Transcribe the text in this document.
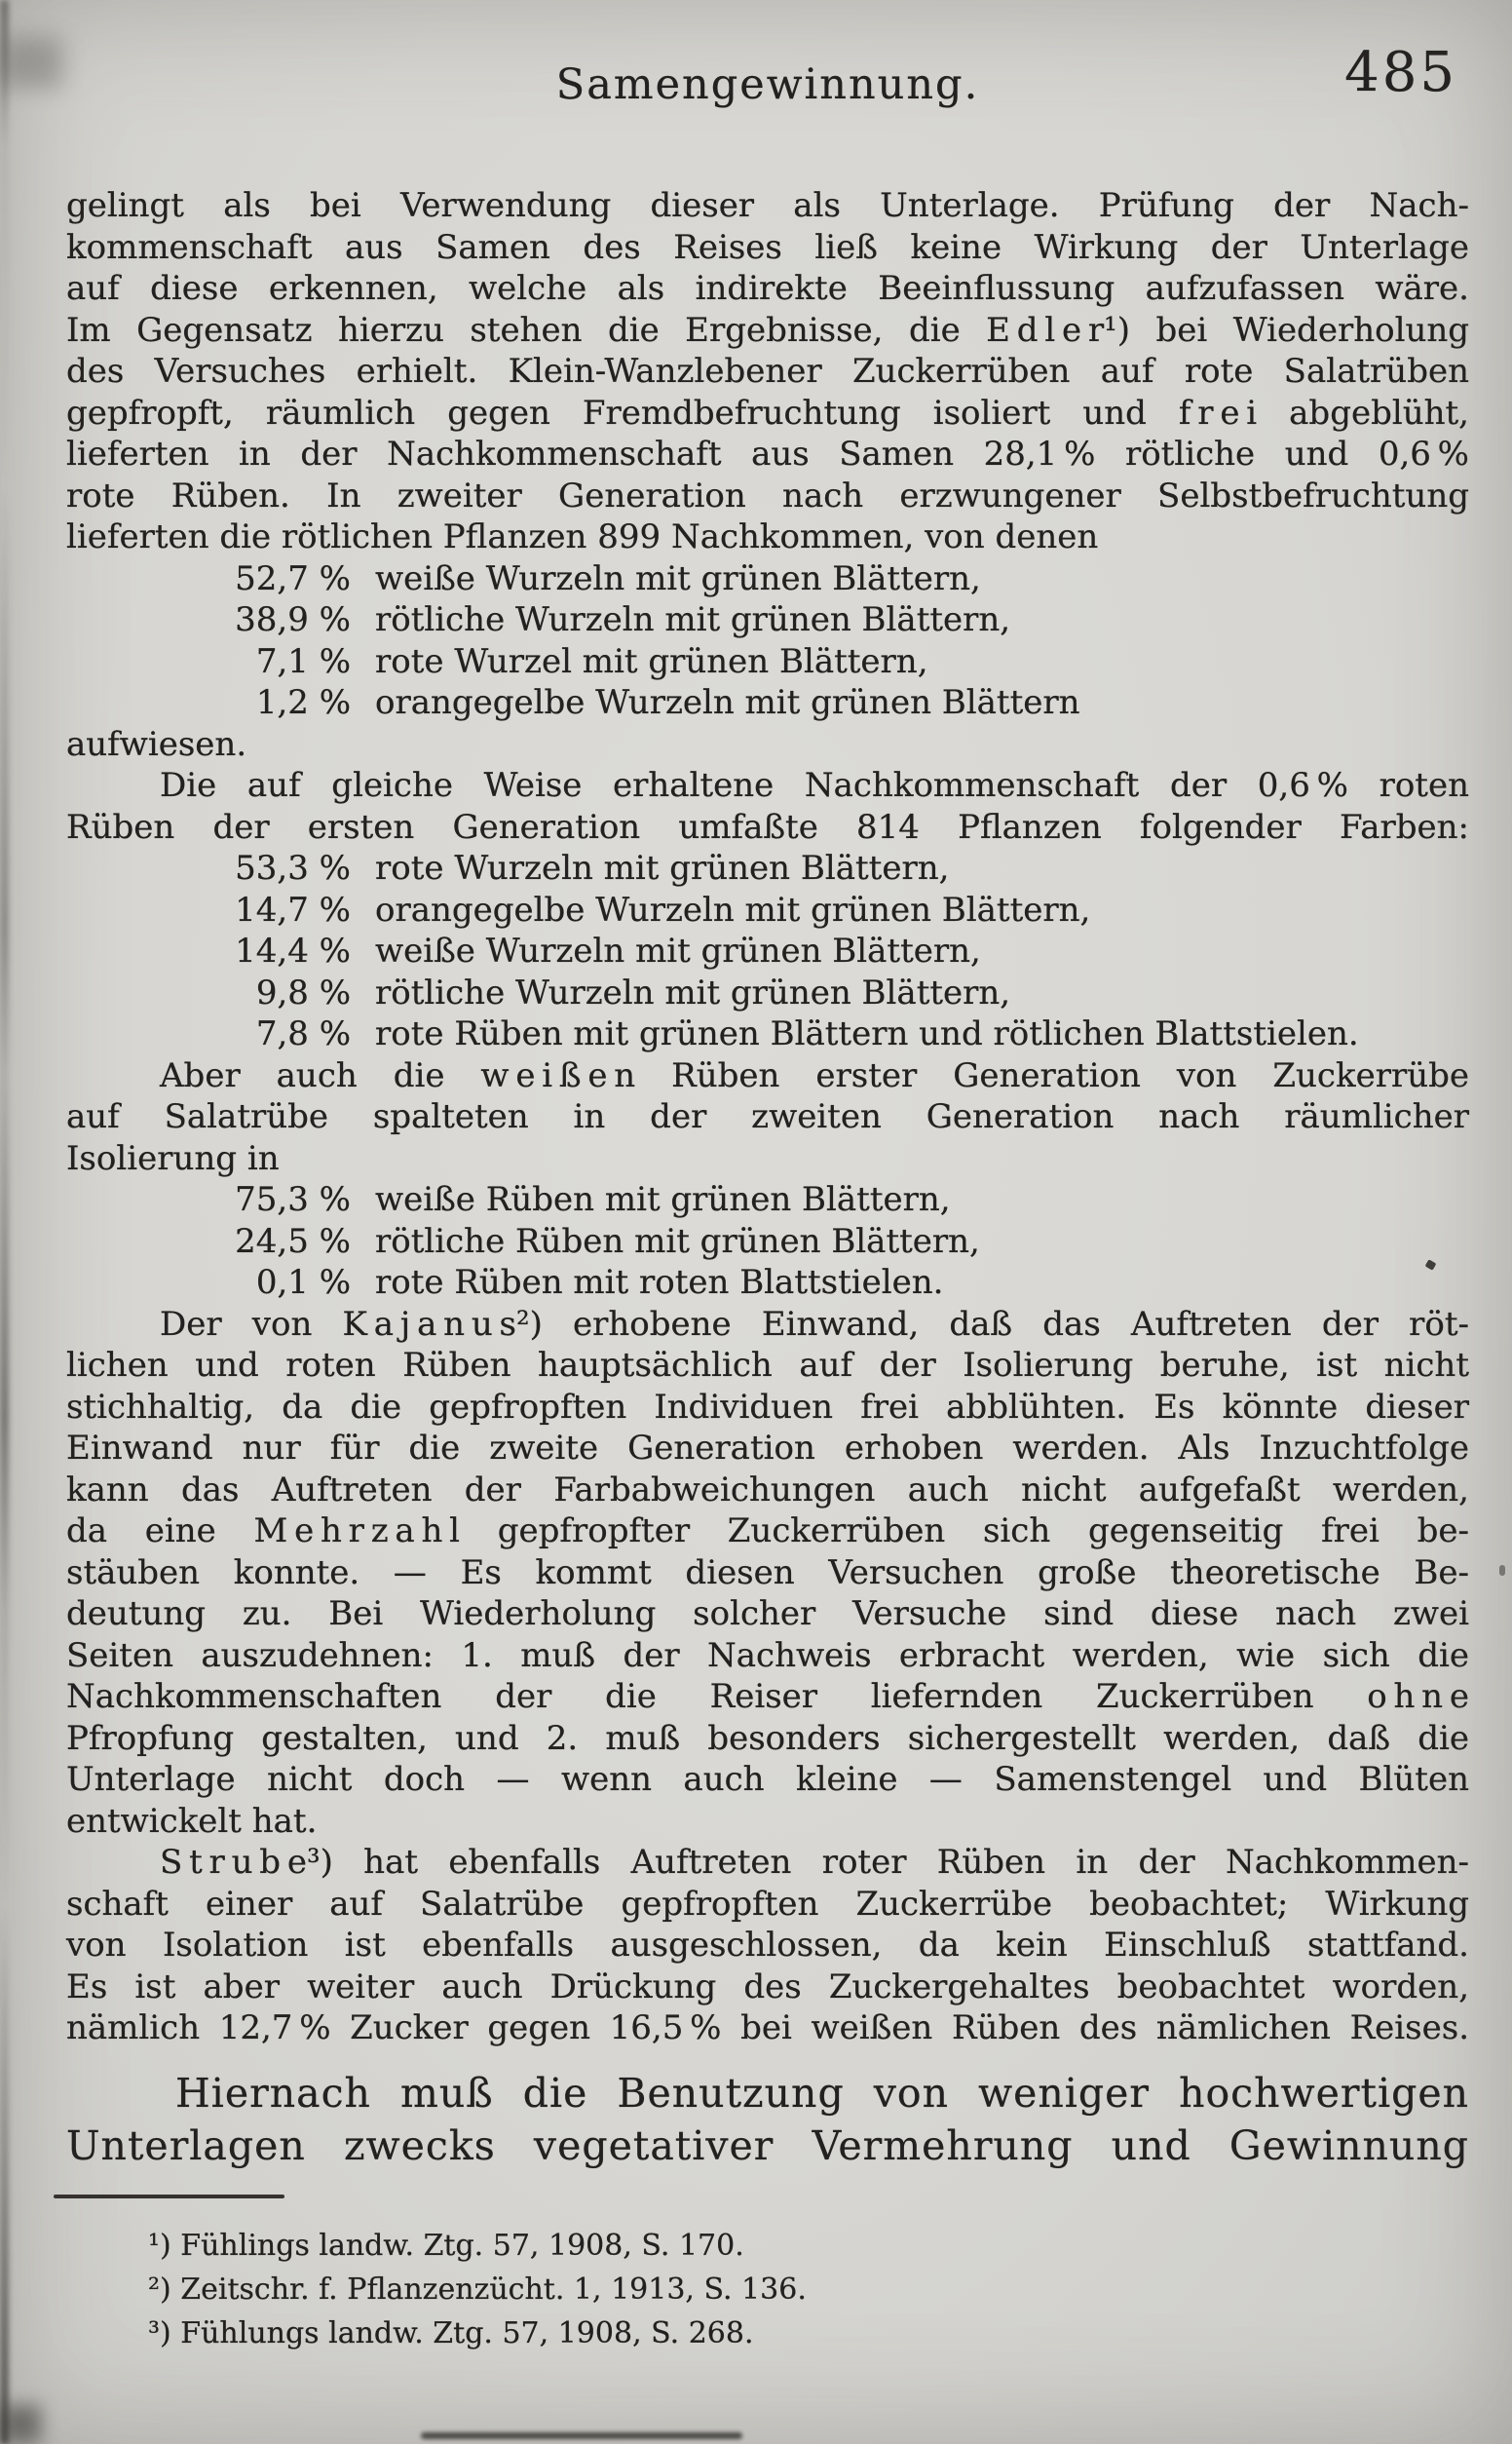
Samengewinnung.	485
gelingt als bei Verwendung dieser als Unterlage. Prüfung der Nach-
kommenschaft aus Samen des Reises ließ keine Wirkung der Unterlage
auf diese erkennen, welche als indirekte Beeinflussung aufzufassen wäre.
Im Gegensatz hierzu stehen die Ergebnisse, die E d l e r¹) bei Wiederholung
des Versuches erhielt. Klein-Wanzlebener Zuckerrüben auf rote Salatrüben
gepfropft, räumlich gegen Fremdbefruchtung isoliert und f r e i abgeblüht,
lieferten in der Nachkommenschaft aus Samen 28,1 % rötliche und 0,6 %
rote Rüben. In zweiter Generation nach erzwungener Selbstbefruchtung
lieferten die rötlichen Pflanzen 899 Nachkommen, von denen
52,7 % weiße Wurzeln mit grünen Blättern,
38,9 % rötliche Wurzeln mit grünen Blättern,
7,1 % rote Wurzel mit grünen Blättern,
1,2 % orangegelbe Wurzeln mit grünen Blättern
aufwiesen.
Die auf gleiche Weise erhaltene Nachkommenschaft der 0,6 % roten
Rüben der ersten Generation umfaßte 814 Pflanzen folgender Farben:
53,3 % rote Wurzeln mit grünen Blättern,
14,7 % orangegelbe Wurzeln mit grünen Blättern,
14,4 % weiße Wurzeln mit grünen Blättern,
9,8 % rötliche Wurzeln mit grünen Blättern,
7,8 % rote Rüben mit grünen Blättern und rötlichen Blattstielen.
Aber auch die w e i ß e n Rüben erster Generation von Zuckerrübe
auf Salatrübe spalteten in der zweiten Generation nach räumlicher
Isolierung in
75,3 % weiße Rüben mit grünen Blättern,
24,5 % rötliche Rüben mit grünen Blättern,
0,1 % rote Rüben mit roten Blattstielen.
Der von K a j a n u s²) erhobene Einwand, daß das Auftreten der röt-
lichen und roten Rüben hauptsächlich auf der Isolierung beruhe, ist nicht
stichhaltig, da die gepfropften Individuen frei abblühten. Es könnte dieser
Einwand nur für die zweite Generation erhoben werden. Als Inzuchtfolge
kann das Auftreten der Farbabweichungen auch nicht aufgefaßt werden,
da eine M e h r z a h l gepfropfter Zuckerrüben sich gegenseitig frei be-
stäuben konnte. — Es kommt diesen Versuchen große theoretische Be-
deutung zu. Bei Wiederholung solcher Versuche sind diese nach zwei
Seiten auszudehnen: 1. muß der Nachweis erbracht werden, wie sich die
Nachkommenschaften der die Reiser liefernden Zuckerrüben o h n e
Pfropfung gestalten, und 2. muß besonders sichergestellt werden, daß die
Unterlage nicht doch — wenn auch kleine — Samenstengel und Blüten
entwickelt hat.
S t r u b e³) hat ebenfalls Auftreten roter Rüben in der Nachkommen-
schaft einer auf Salatrübe gepfropften Zuckerrübe beobachtet; Wirkung
von Isolation ist ebenfalls ausgeschlossen, da kein Einschluß stattfand.
Es ist aber weiter auch Drückung des Zuckergehaltes beobachtet worden,
nämlich 12,7 % Zucker gegen 16,5 % bei weißen Rüben des nämlichen Reises.
Hiernach muß die Benutzung von weniger hochwertigen
Unterlagen zwecks vegetativer Vermehrung und Gewinnung
¹) Fühlings landw. Ztg. 57, 1908, S. 170.
²) Zeitschr. f. Pflanzenzücht. 1, 1913, S. 136.
³) Fühlungs landw. Ztg. 57, 1908, S. 268.
